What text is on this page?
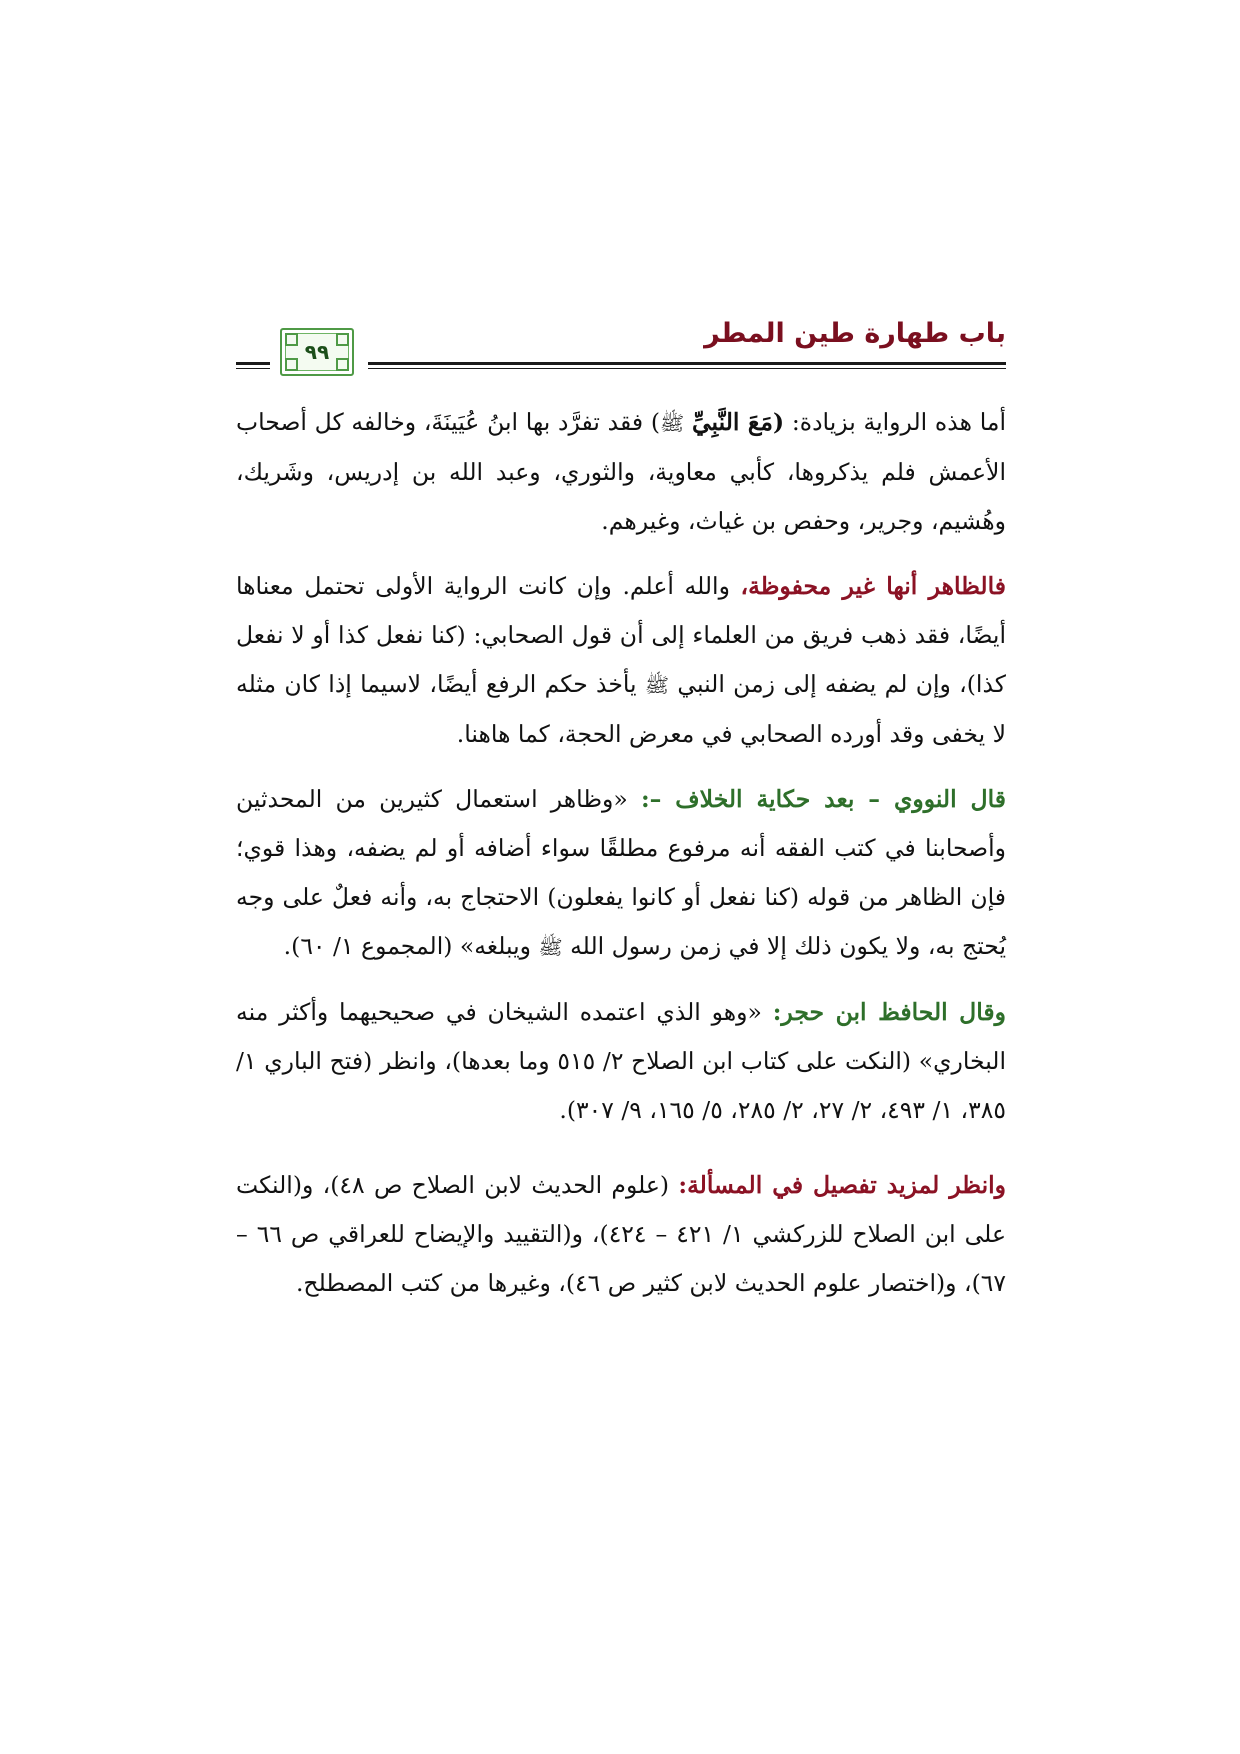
باب طهارة طين المطر
٩٩

أما هذه الرواية بزيادة: (مَعَ النَّبِيِّ ﷺ) فقد تفرَّد بها ابنُ عُيَينَةَ، وخالفه كل أصحاب الأعمش فلم يذكروها، كأبي معاوية، والثوري، وعبد الله بن إدريس، وشَريك، وهُشيم، وجرير، وحفص بن غياث، وغيرهم.

فالظاهر أنها غير محفوظة، والله أعلم. وإن كانت الرواية الأولى تحتمل معناها أيضًا، فقد ذهب فريق من العلماء إلى أن قول الصحابي: (كنا نفعل كذا أو لا نفعل كذا)، وإن لم يضفه إلى زمن النبي ﷺ يأخذ حكم الرفع أيضًا، لاسيما إذا كان مثله لا يخفى وقد أورده الصحابي في معرض الحجة، كما هاهنا.

قال النووي – بعد حكاية الخلاف –: «وظاهر استعمال كثيرين من المحدثين وأصحابنا في كتب الفقه أنه مرفوع مطلقًا سواء أضافه أو لم يضفه، وهذا قوي؛ فإن الظاهر من قوله (كنا نفعل أو كانوا يفعلون) الاحتجاج به، وأنه فعلٌ على وجه يُحتج به، ولا يكون ذلك إلا في زمن رسول الله ﷺ ويبلغه» (المجموع ١/ ٦٠).

وقال الحافظ ابن حجر: «وهو الذي اعتمده الشيخان في صحيحيهما وأكثر منه البخاري» (النكت على كتاب ابن الصلاح ٢/ ٥١٥ وما بعدها)، وانظر (فتح الباري ١/ ٣٨٥، ١/ ٤٩٣، ٢/ ٢٧، ٢/ ٢٨٥، ٥/ ١٦٥، ٩/ ٣٠٧).

وانظر لمزيد تفصيل في المسألة: (علوم الحديث لابن الصلاح ص ٤٨)، و(النكت على ابن الصلاح للزركشي ١/ ٤٢١ – ٤٢٤)، و(التقييد والإيضاح للعراقي ص ٦٦ – ٦٧)، و(اختصار علوم الحديث لابن كثير ص ٤٦)، وغيرها من كتب المصطلح.
